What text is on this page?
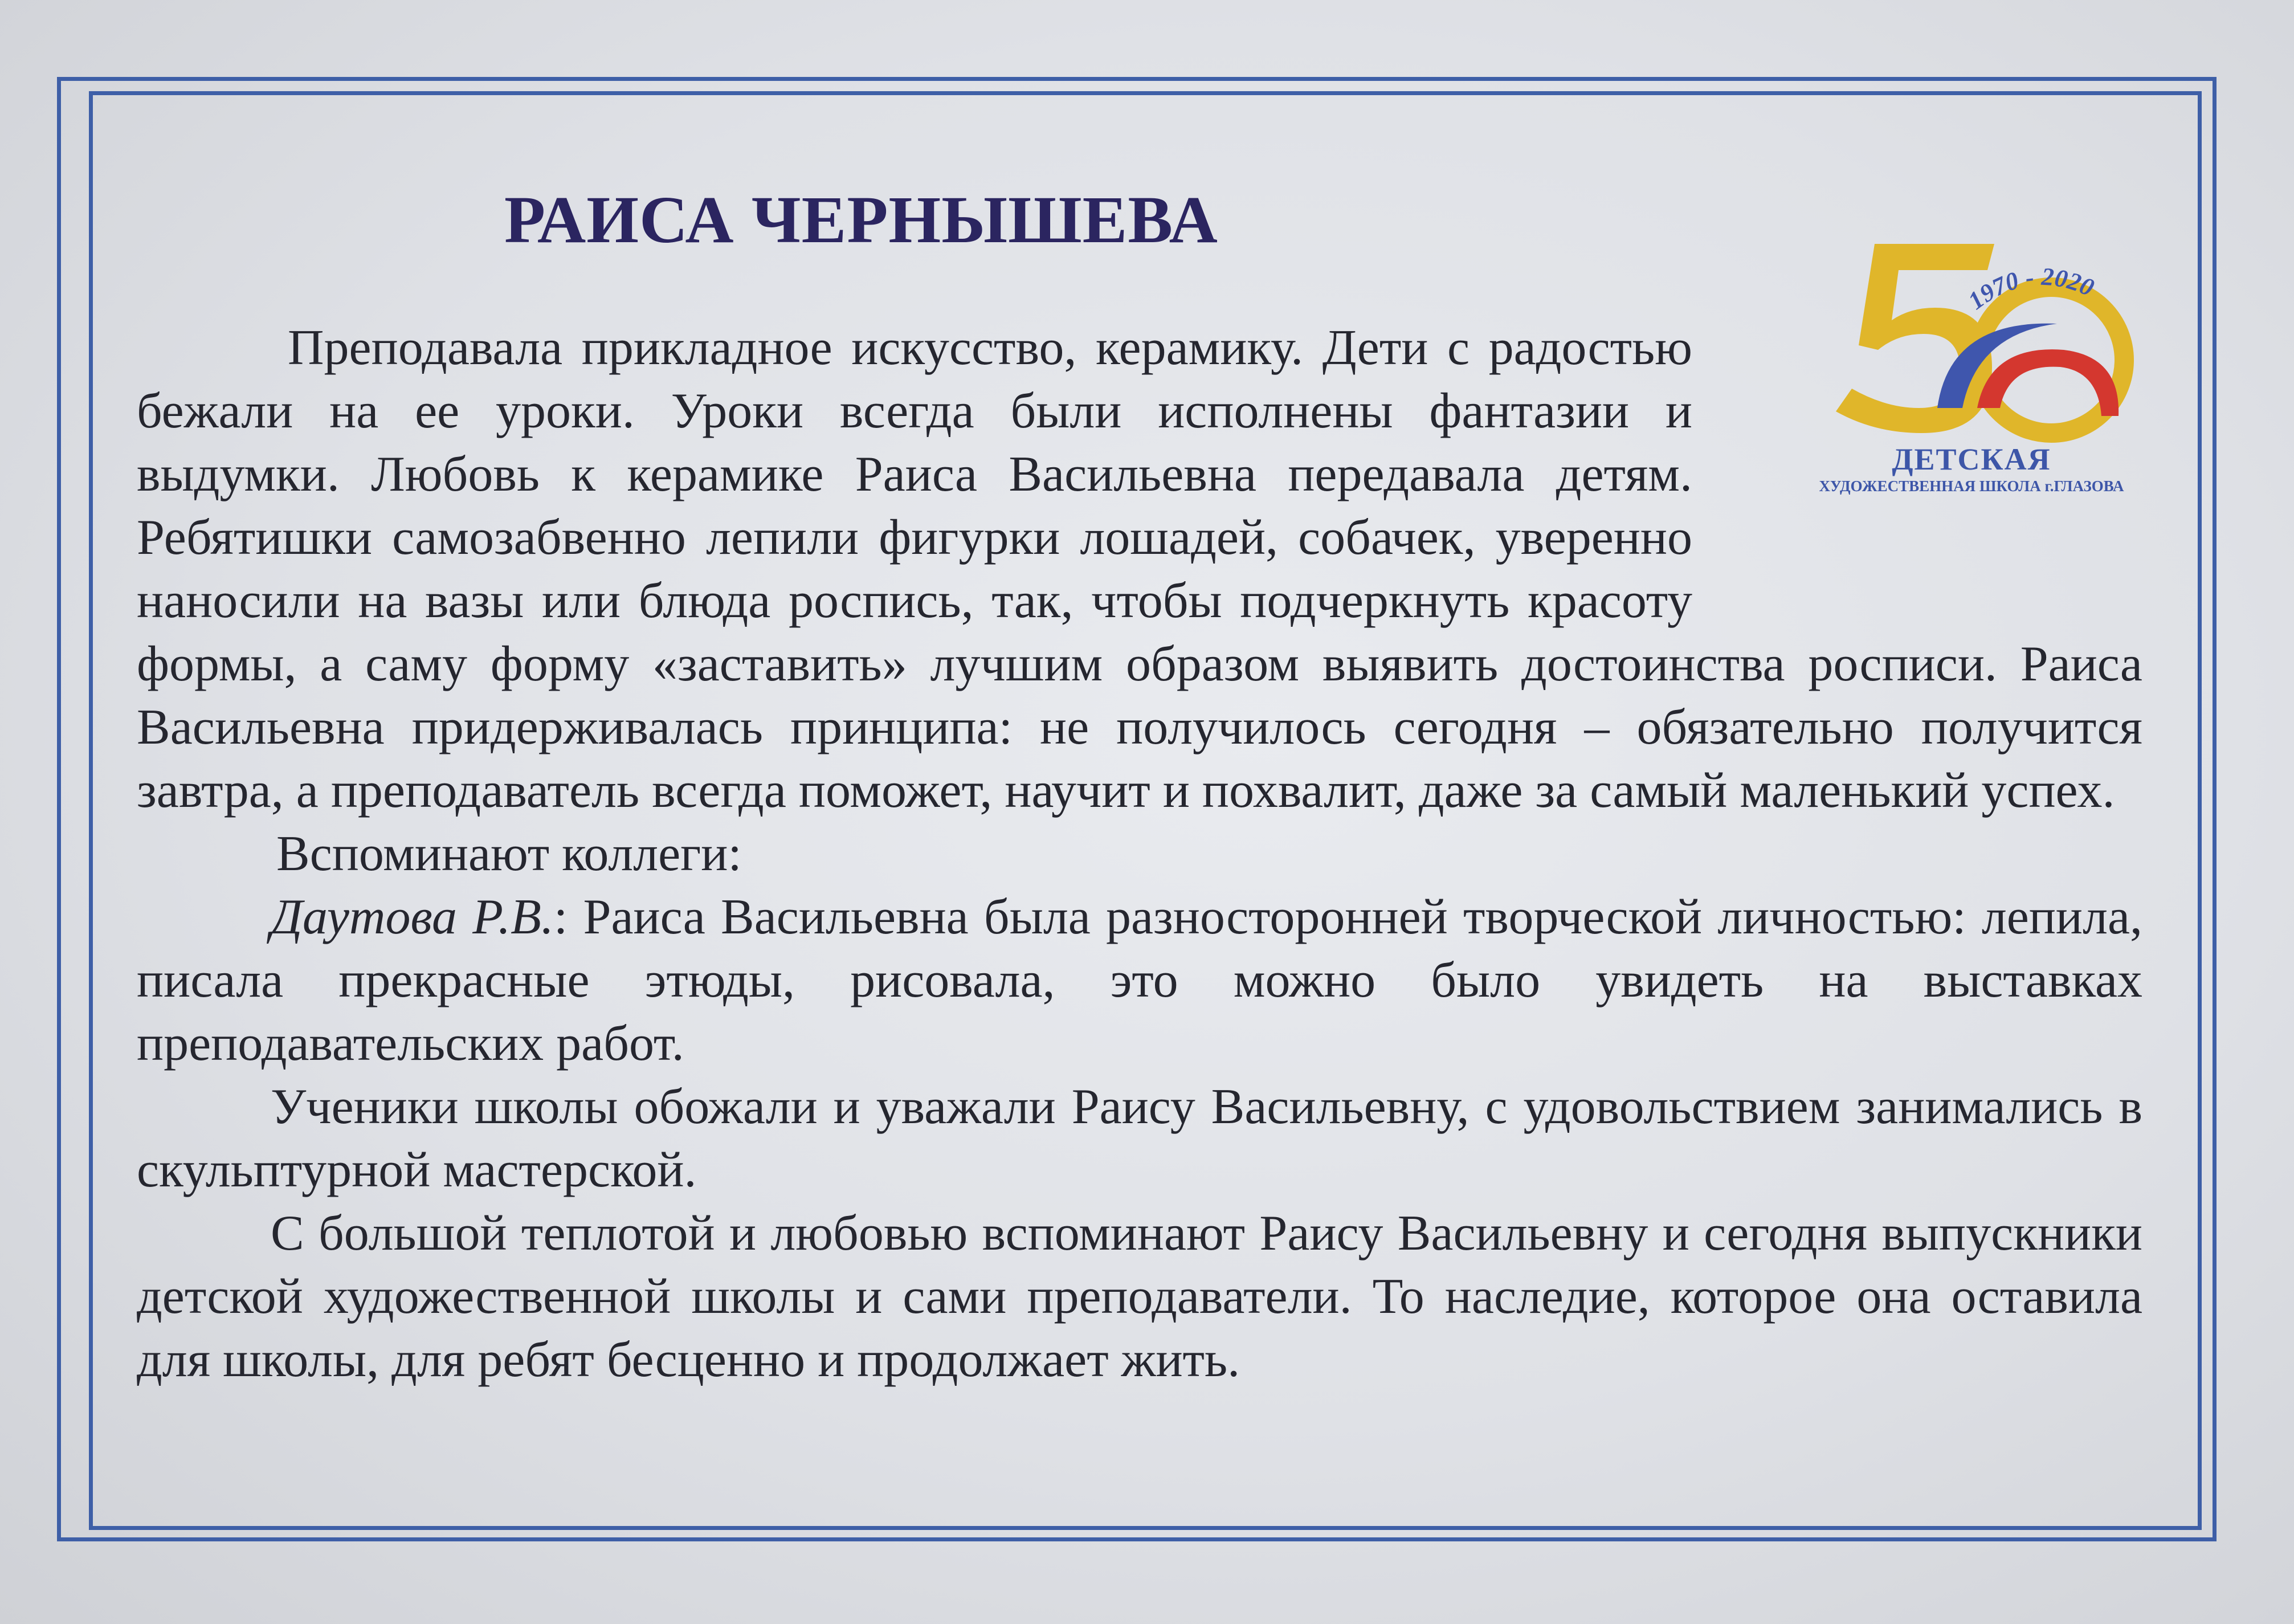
РАИСА ЧЕРНЫШЕВА
1970 - 2020
ДЕТСКАЯ
ХУДОЖЕСТВЕННАЯ ШКОЛА г.ГЛАЗОВА

Преподавала прикладное искусство, керамику. Дети с радостью бежали на ее уроки. Уроки всегда были исполнены фантазии и выдумки. Любовь к керамике Раиса Васильевна передавала детям. Ребятишки самозабвенно лепили фигурки лошадей, собачек, уверенно наносили на вазы или блюда роспись, так, чтобы подчеркнуть красоту формы, а саму форму «заставить» лучшим образом выявить достоинства росписи. Раиса Васильевна придерживалась принципа: не получилось сегодня – обязательно получится завтра, а преподаватель всегда поможет, научит и похвалит, даже за самый маленький успех.

Вспоминают коллеги:

Даутова Р.В.: Раиса Васильевна была разносторонней творческой личностью: лепила, писала прекрасные этюды, рисовала, это можно было увидеть на выставках преподавательских работ.

Ученики школы обожали и уважали Раису Васильевну, с удовольствием занимались в скульптурной мастерской.

С большой теплотой и любовью вспоминают Раису Васильевну и сегодня выпускники детской художественной школы и сами преподаватели. То наследие, которое она оставила для школы, для ребят бесценно и продолжает жить.
